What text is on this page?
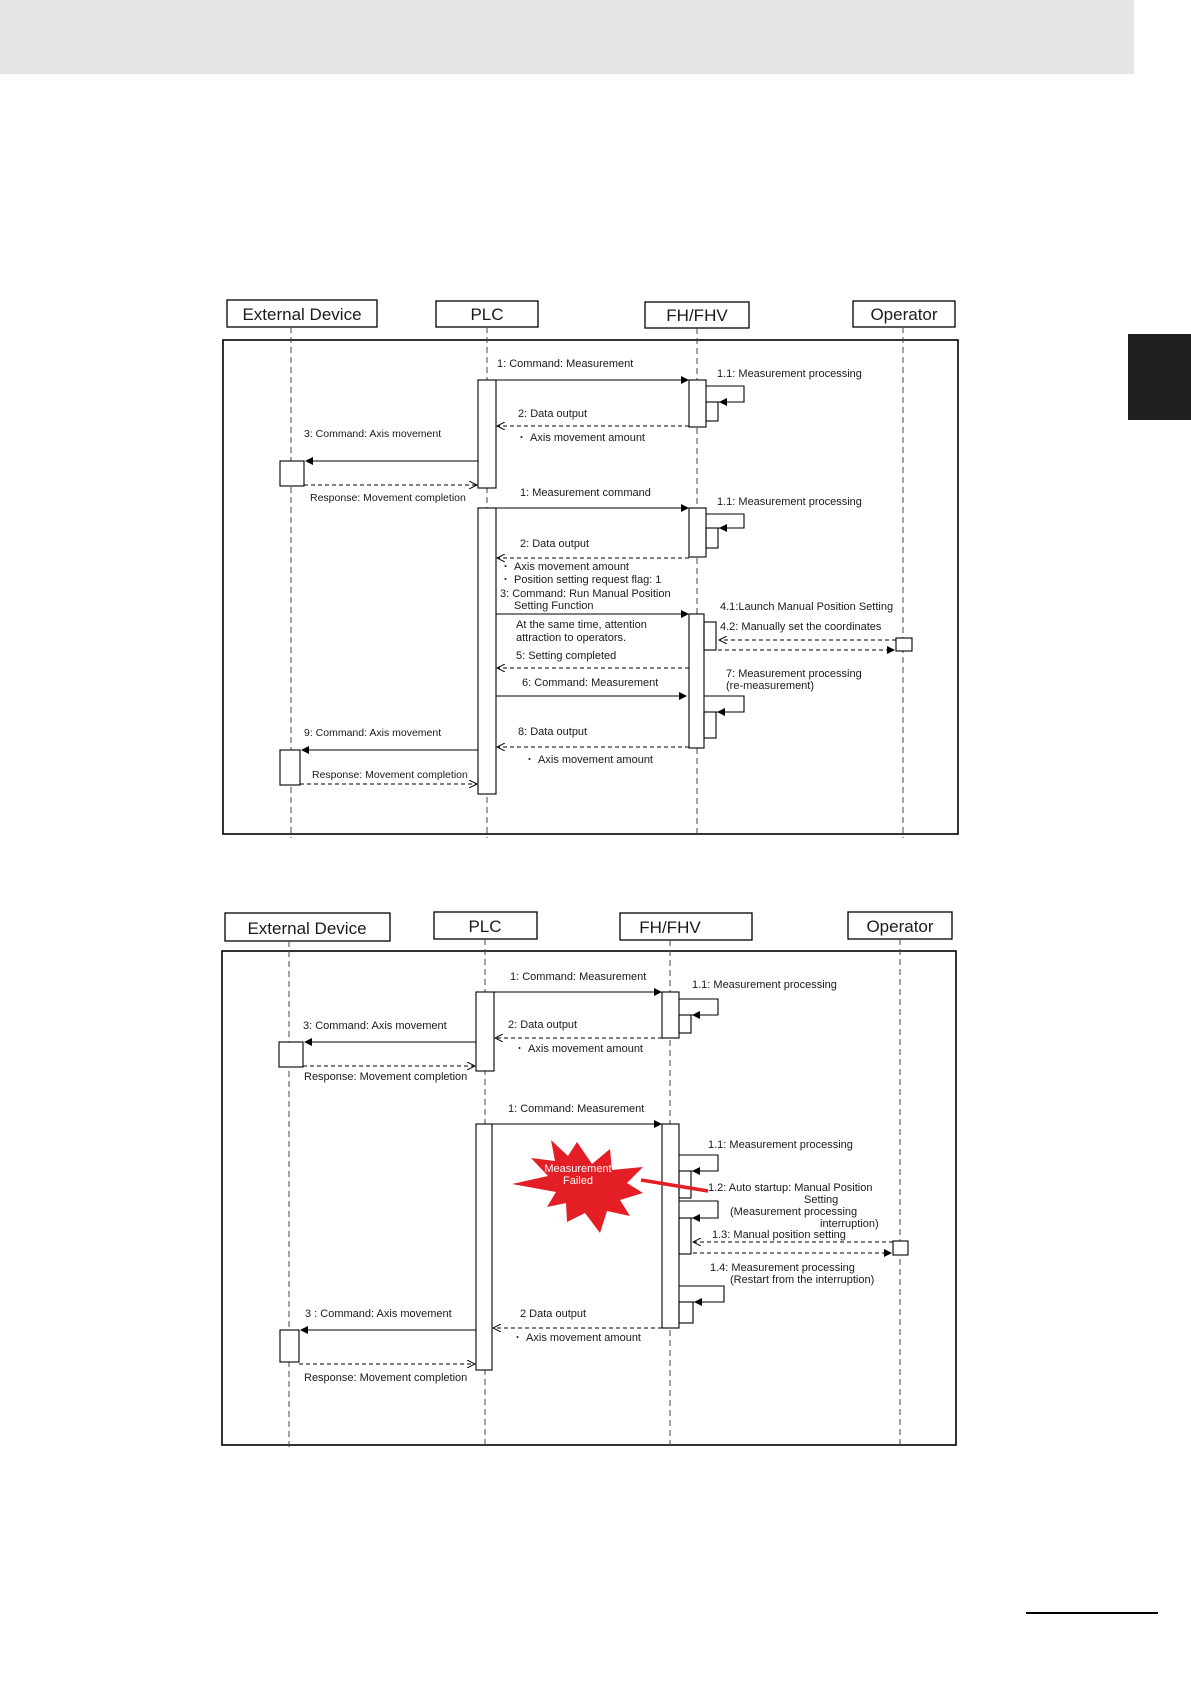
External Device	PLC	FH/FHV	Operator
1: Command: Measurement
1.1: Measurement processing
2: Data output
・ Axis movement amount
3: Command: Axis movement
Response: Movement completion	1: Measurement command
1.1: Measurement processing
2: Data output
・ Axis movement amount
・ Position setting request flag: 1
3: Command: Run Manual Position
Setting Function
At the same time, attention
attraction to operators.
4.1:Launch Manual Position Setting
4.2: Manually set the coordinates
5: Setting completed
6: Command: Measurement
7: Measurement processing
(re-measurement)
8: Data output
・ Axis movement amount
9: Command: Axis movement
Response: Movement completion
External Device	PLC	FH/FHV	Operator
Measurement
Failed
1: Command: Measurement
1.1: Measurement processing
2: Data output
・ Axis movement amount
3: Command: Axis movement
Response: Movement completion
1: Command: Measurement
1.1: Measurement processing
1.2: Auto startup: Manual Position
Setting
(Measurement processing
interruption)
1.3: Manual position setting
1.4: Measurement processing
(Restart from the interruption)
2 Data output
・ Axis movement amount
3 : Command: Axis movement
Response: Movement completion
